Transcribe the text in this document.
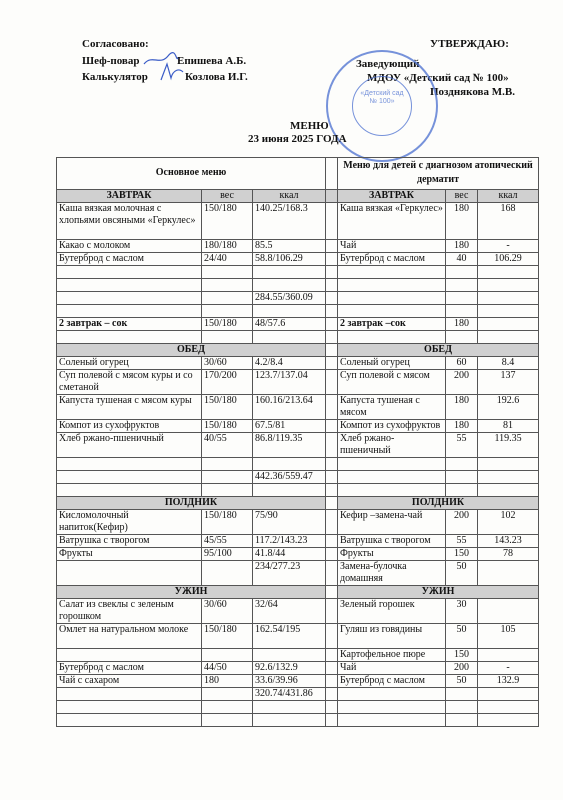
Согласовано:
Шеф-повар	Епишева А.Б.
Калькулятор	Козлова И.Г.
УТВЕРЖДАЮ:
Заведующий
МДОУ «Детский сад № 100»
Позднякова М.В.
«Детский сад № 100»
МЕНЮ
23 июня 2025 ГОДА
Основное меню				Меню для детей с диагнозом атопический дерматит		
ЗАВТРАК	вес	ккал		ЗАВТРАК	вес	ккал
Каша вязкая молочная с хлопьями овсяными «Геркулес»	150/180	140.25/168.3		Каша вязкая «Геркулес»	180	168
Какао с молоком	180/180	85.5		Чай	180	-
Бутерброд с маслом	24/40	58.8/106.29		Бутерброд с маслом	40	106.29

		284.55/360.09				

2 завтрак – сок	150/180	48/57.6		2 завтрак –сок	180	

ОБЕД				ОБЕД		
Соленый огурец	30/60	4.2/8.4		Соленый огурец	60	8.4
Суп полевой с мясом куры и со сметаной	170/200	123.7/137.04		Суп полевой с мясом	200	137
Капуста тушеная с мясом куры	150/180	160.16/213.64		Капуста тушеная с мясом	180	192.6
Компот из сухофруктов	150/180	67.5/81		Компот из сухофруктов	180	81
Хлеб ржано-пшеничный	40/55	86.8/119.35		Хлеб ржано-пшеничный	55	119.35

		442.36/559.47				

ПОЛДНИК				ПОЛДНИК		
Кисломолочный напиток(Кефир)	150/180	75/90		Кефир –замена-чай	200	102
Ватрушка с творогом	45/55	117.2/143.23		Ватрушка с творогом	55	143.23
Фрукты	95/100	41.8/44		Фрукты	150	78
		234/277.23		Замена-булочка домашняя	50	
УЖИН				УЖИН		
Салат из свеклы с зеленым горошком	30/60	32/64		Зеленый горошек	30	
Омлет на натуральном молоке	150/180	162.54/195		Гуляш из говядины	50	105
				Картофельное пюре	150	
Бутерброд с маслом	44/50	92.6/132.9		Чай	200	-
Чай с сахаром	180	33.6/39.96		Бутерброд с маслом	50	132.9
		320.74/431.86				
